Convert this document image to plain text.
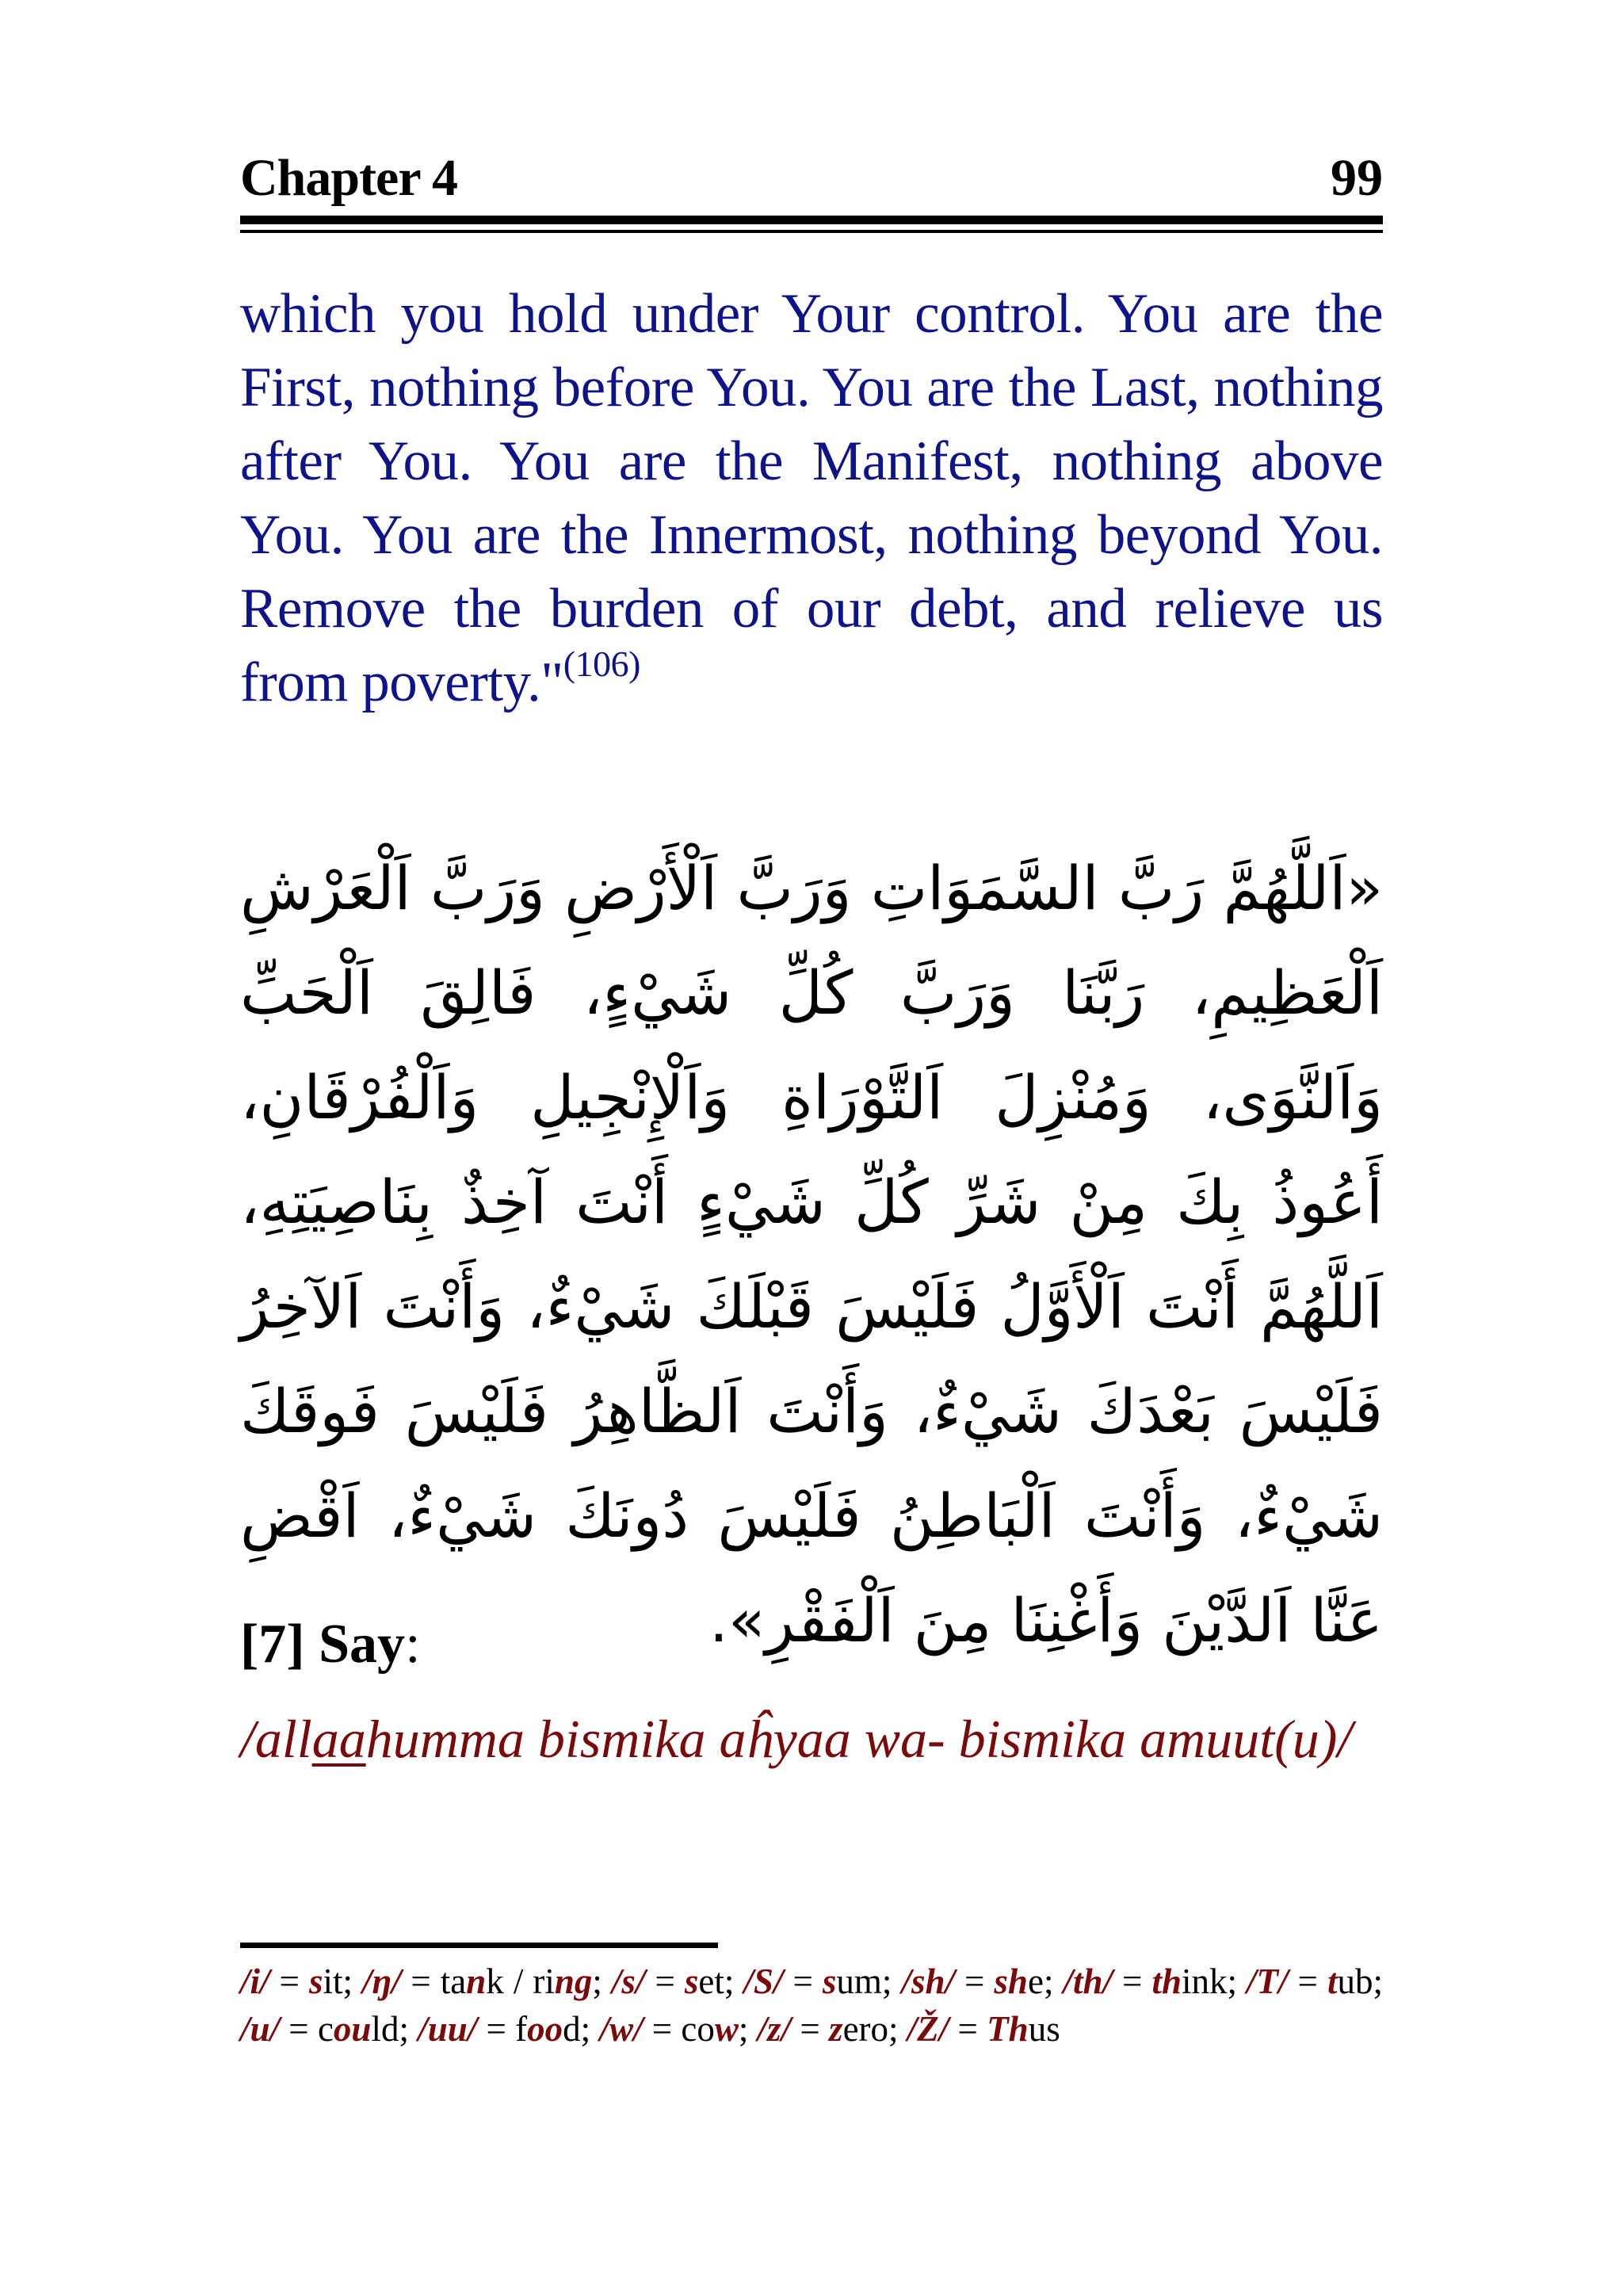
Chapter 4	99
which you hold under Your control. You are the First, nothing before You. You are the Last, nothing after You. You are the Manifest, nothing above You. You are the Innermost, nothing beyond You. Remove the burden of our debt, and relieve us from poverty."$^{(106)}$
«اَللَّهُمَّ رَبَّ السَّمَوَاتِ وَرَبَّ اَلْأَرْضِ وَرَبَّ اَلْعَرْشِ اَلْعَظِيمِ، رَبَّنَا وَرَبَّ كُلِّ شَيْءٍ، فَالِقَ اَلْحَبِّ وَاَلنَّوَى، وَمُنْزِلَ اَلتَّوْرَاةِ وَاَلْإِنْجِيلِ وَاَلْفُرْقَانِ، أَعُوذُ بِكَ مِنْ شَرِّ كُلِّ شَيْءٍ أَنْتَ آخِذٌ بِنَاصِيَتِهِ، اَللَّهُمَّ أَنْتَ اَلْأَوَّلُ فَلَيْسَ قَبْلَكَ شَيْءٌ، وَأَنْتَ اَلآخِرُ فَلَيْسَ بَعْدَكَ شَيْءٌ، وَأَنْتَ اَلظَّاهِرُ فَلَيْسَ فَوقَكَ شَيْءٌ، وَأَنْتَ اَلْبَاطِنُ فَلَيْسَ دُونَكَ شَيْءٌ، اَقْضِ عَنَّا اَلدَّيْنَ وَأَغْنِنَا مِنَ اَلْفَقْرِ».
[7] Say:
/allaahumma bismika aĥyaa wa- bismika amuut(u)/
/i/ = sit; /ŋ/ = tank / ring; /s/ = set; /S/ = sum; /sh/ = she; /th/ = think; /T/ = tub; /u/ = could; /uu/ = food; /w/ = cow; /z/ = zero; /Ž/ = Thus
